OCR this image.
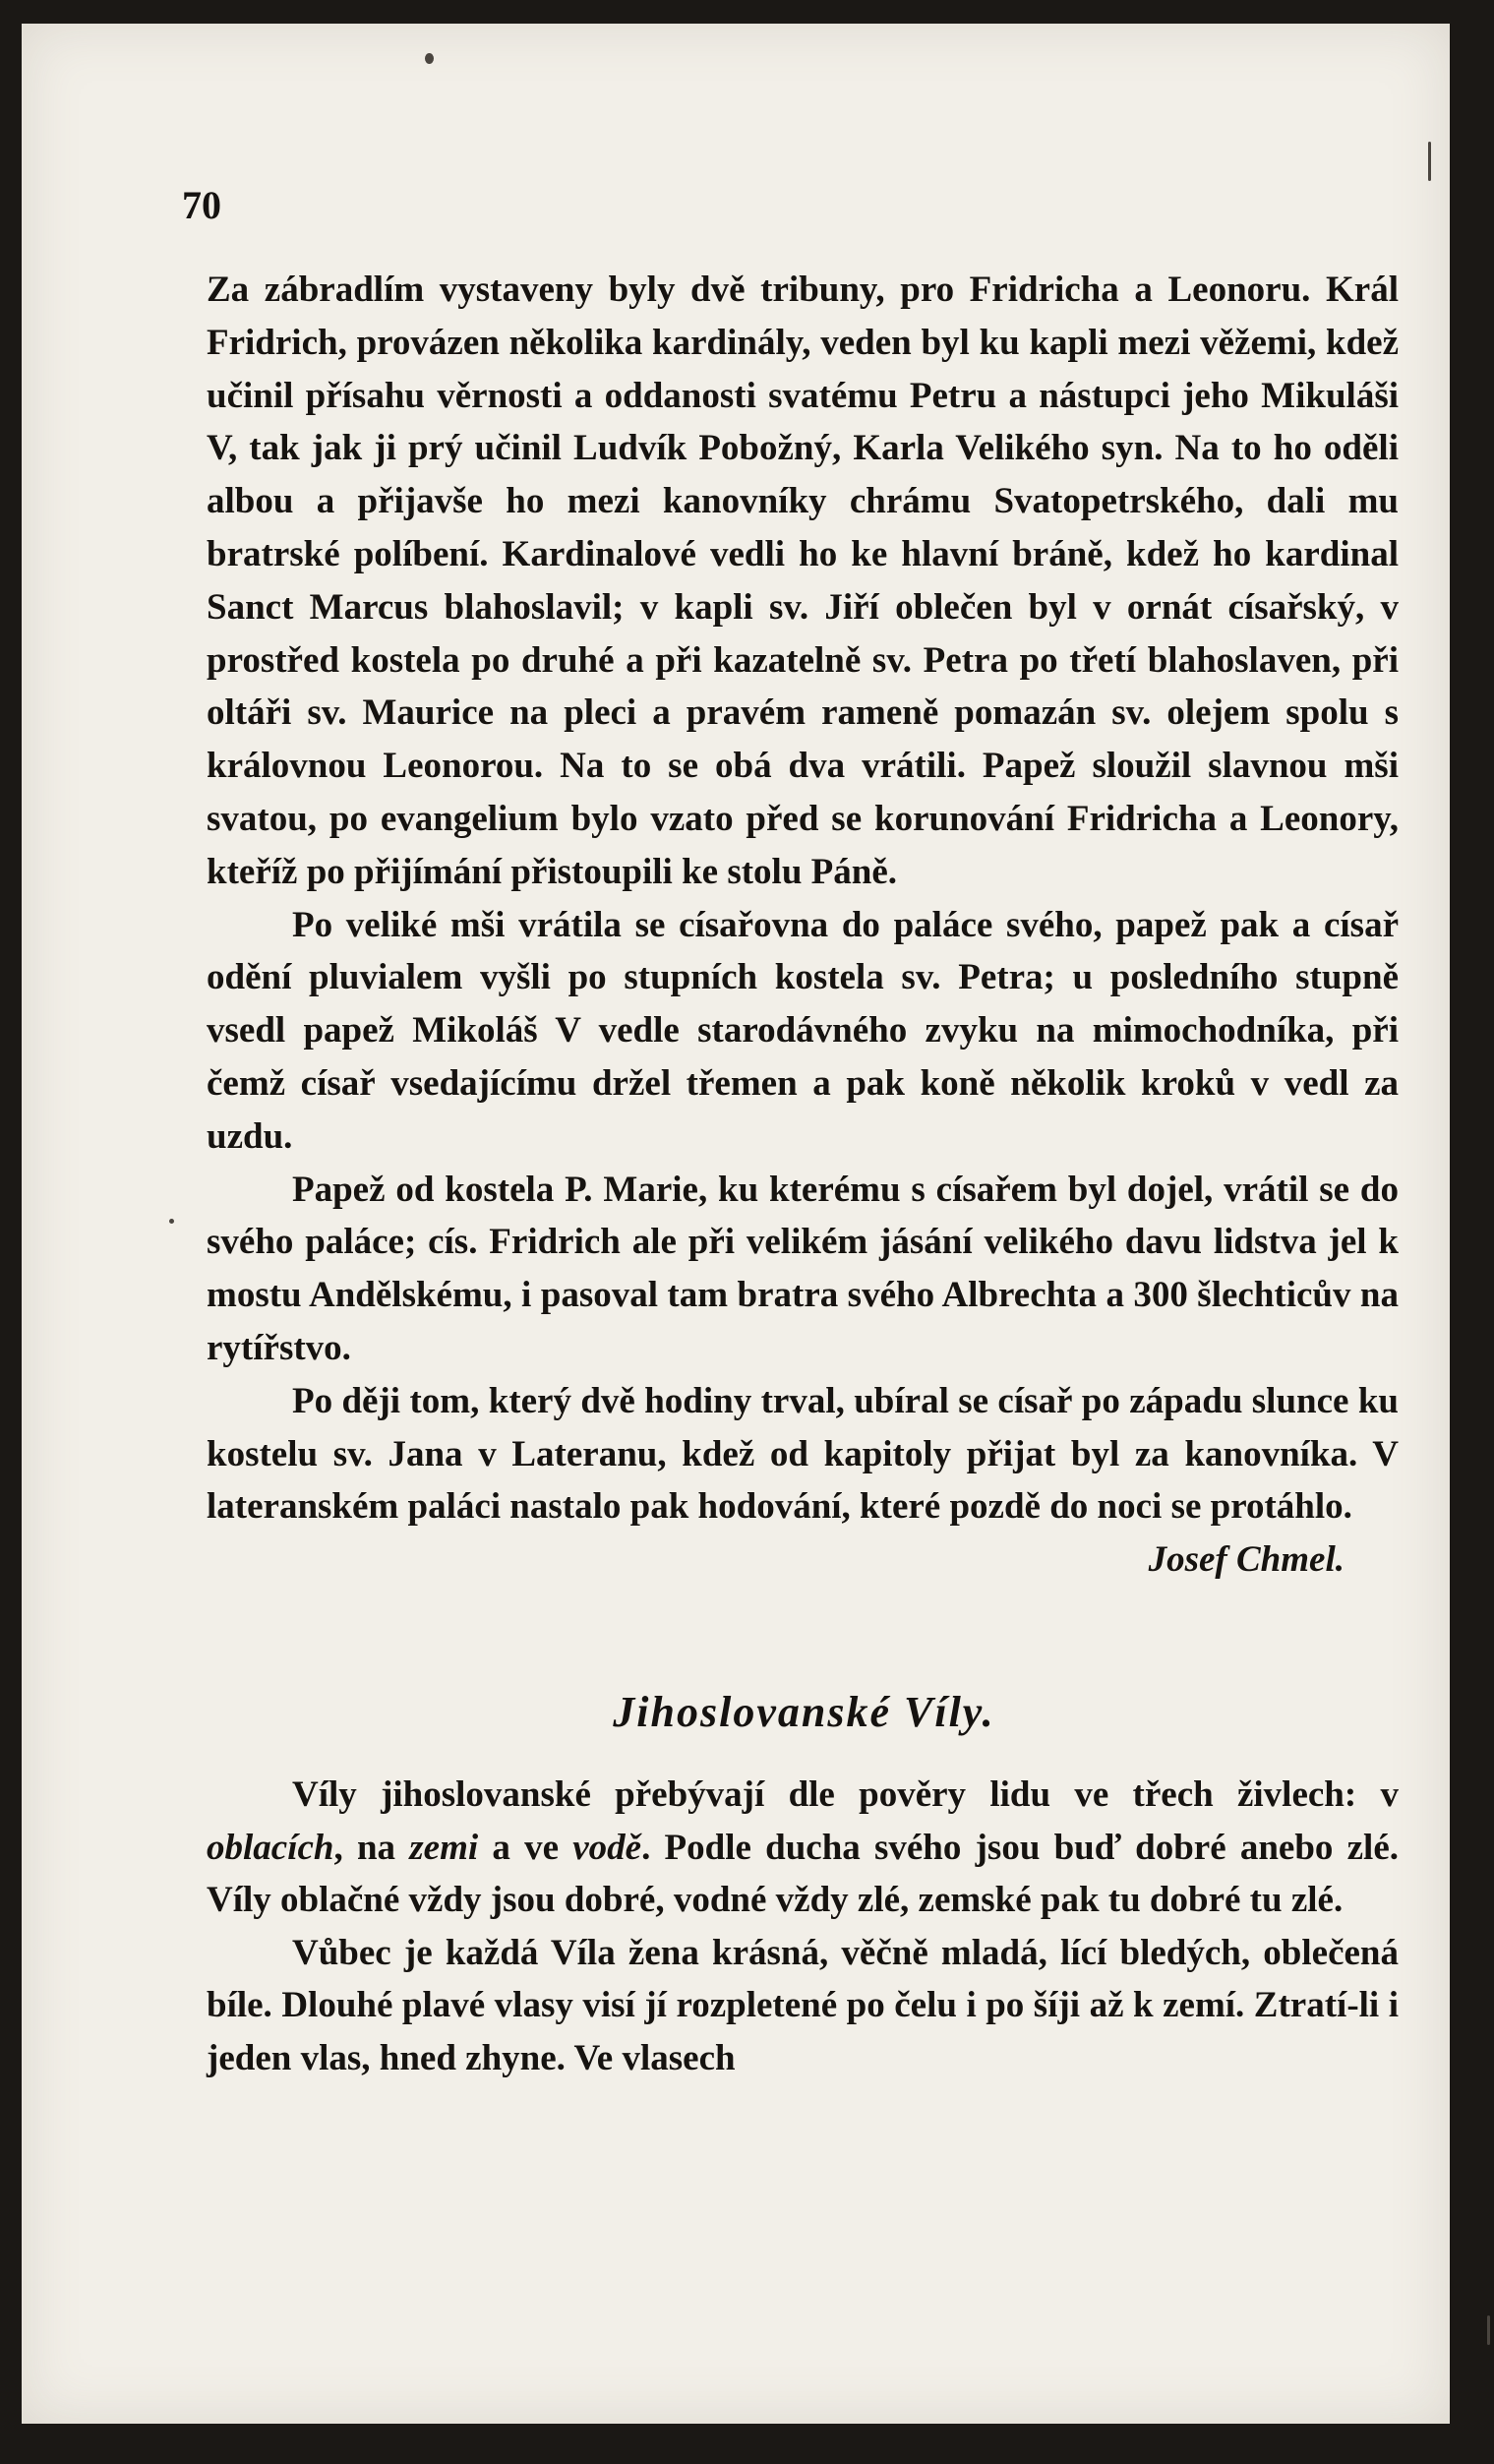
70

Za zábradlím vystaveny byly dvě tribuny, pro Fridricha a Leonoru. Král Fridrich, provázen několika kardinály, veden byl ku kapli mezi věžemi, kdež učinil přísahu věrnosti a oddanosti svatému Petru a nástupci jeho Mikuláši V, tak jak ji prý učinil Ludvík Pobožný, Karla Velikého syn. Na to ho oděli albou a přijavše ho mezi kanovníky chrámu Svatopetrského, dali mu bratrské políbení. Kardinalové vedli ho ke hlavní bráně, kdež ho kardinal Sanct Marcus blahoslavil; v kapli sv. Jiří oblečen byl v ornát císařský, v prostřed kostela po druhé a při kazatelně sv. Petra po třetí blahoslaven, při oltáři sv. Maurice na pleci a pravém rameně pomazán sv. olejem spolu s královnou Leonorou. Na to se obá dva vrátili. Papež sloužil slavnou mši svatou, po evangelium bylo vzato před se korunování Fridricha a Leonory, kteříž po přijímání přistoupili ke stolu Páně.

Po veliké mši vrátila se císařovna do paláce svého, papež pak a císař odění pluvialem vyšli po stupních kostela sv. Petra; u posledního stupně vsedl papež Mikoláš V vedle starodávného zvyku na mimochodníka, při čemž císař vsedajícímu držel třemen a pak koně několik kroků v vedl za uzdu.

Papež od kostela P. Marie, ku kterému s císařem byl dojel, vrátil se do svého paláce; cís. Fridrich ale při velikém jásání velikého davu lidstva jel k mostu Andělskému, i pasoval tam bratra svého Albrechta a 300 šlechticův na rytířstvo.

Po ději tom, který dvě hodiny trval, ubíral se císař po západu slunce ku kostelu sv. Jana v Lateranu, kdež od kapitoly přijat byl za kanovníka. V lateranském paláci nastalo pak hodování, které pozdě do noci se protáhlo.

Josef Chmel.
Jihoslovanské Víly.

Víly jihoslovanské přebývají dle pověry lidu ve třech živlech: v oblacích, na zemi a ve vodě. Podle ducha svého jsou buď dobré anebo zlé. Víly oblačné vždy jsou dobré, vodné vždy zlé, zemské pak tu dobré tu zlé.

Vůbec je každá Víla žena krásná, věčně mladá, lící bledých, oblečená bíle. Dlouhé plavé vlasy visí jí rozpletené po čelu i po šíji až k zemí. Ztratí-li i jeden vlas, hned zhyne. Ve vlasech
